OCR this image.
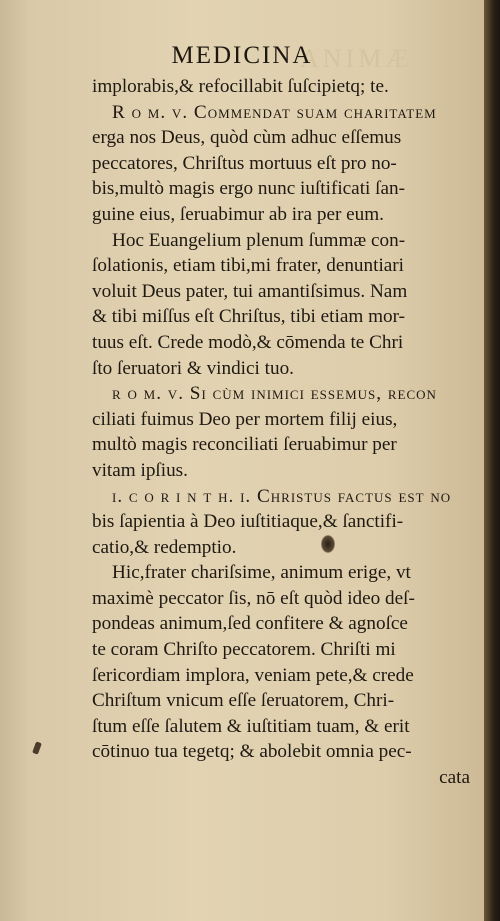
ANIMÆ
MEDICINA
implorabis,& refocillabit ſuſcipietq; te.
R o m. v. Commendat ſuam charitatem
erga nos Deus, quòd cùm adhuc eſſemus
peccatores, Chriſtus mortuus eſt pro no-
bis,multò magis ergo nunc iuſtificati ſan-
guine eius, ſeruabimur ab ira per eum.
Hoc Euangelium plenum ſummæ con-
ſolationis, etiam tibi,mi frater, denuntiari
voluit Deus pater, tui amantiſsimus. Nam
& tibi miſſus eſt Chriſtus, tibi etiam mor-
tuus eſt. Crede modò,& cōmenda te Chri
ſto ſeruatori & vindici tuo.
r o m. v. Si cùm inimici eſſemus, recon
ciliati fuimus Deo per mortem filij eius,
multò magis reconciliati ſeruabimur per
vitam ipſius.
i. c o r i n t h. i. Chriſtus factus eſt no
bis ſapientia à Deo iuſtitiaque,& ſanctifi-
catio,& redemptio.
Hic,frater chariſsime, animum erige, vt
maximè peccator ſis, nō eſt quòd ideo deſ-
pondeas animum,ſed confitere & agnoſce
te coram Chriſto peccatorem. Chriſti mi
ſericordiam implora, veniam pete,& crede
Chriſtum vnicum eſſe ſeruatorem, Chri-
ſtum eſſe ſalutem & iuſtitiam tuam, & erit
cōtinuo tua tegetq; & abolebit omnia pec-
cata
